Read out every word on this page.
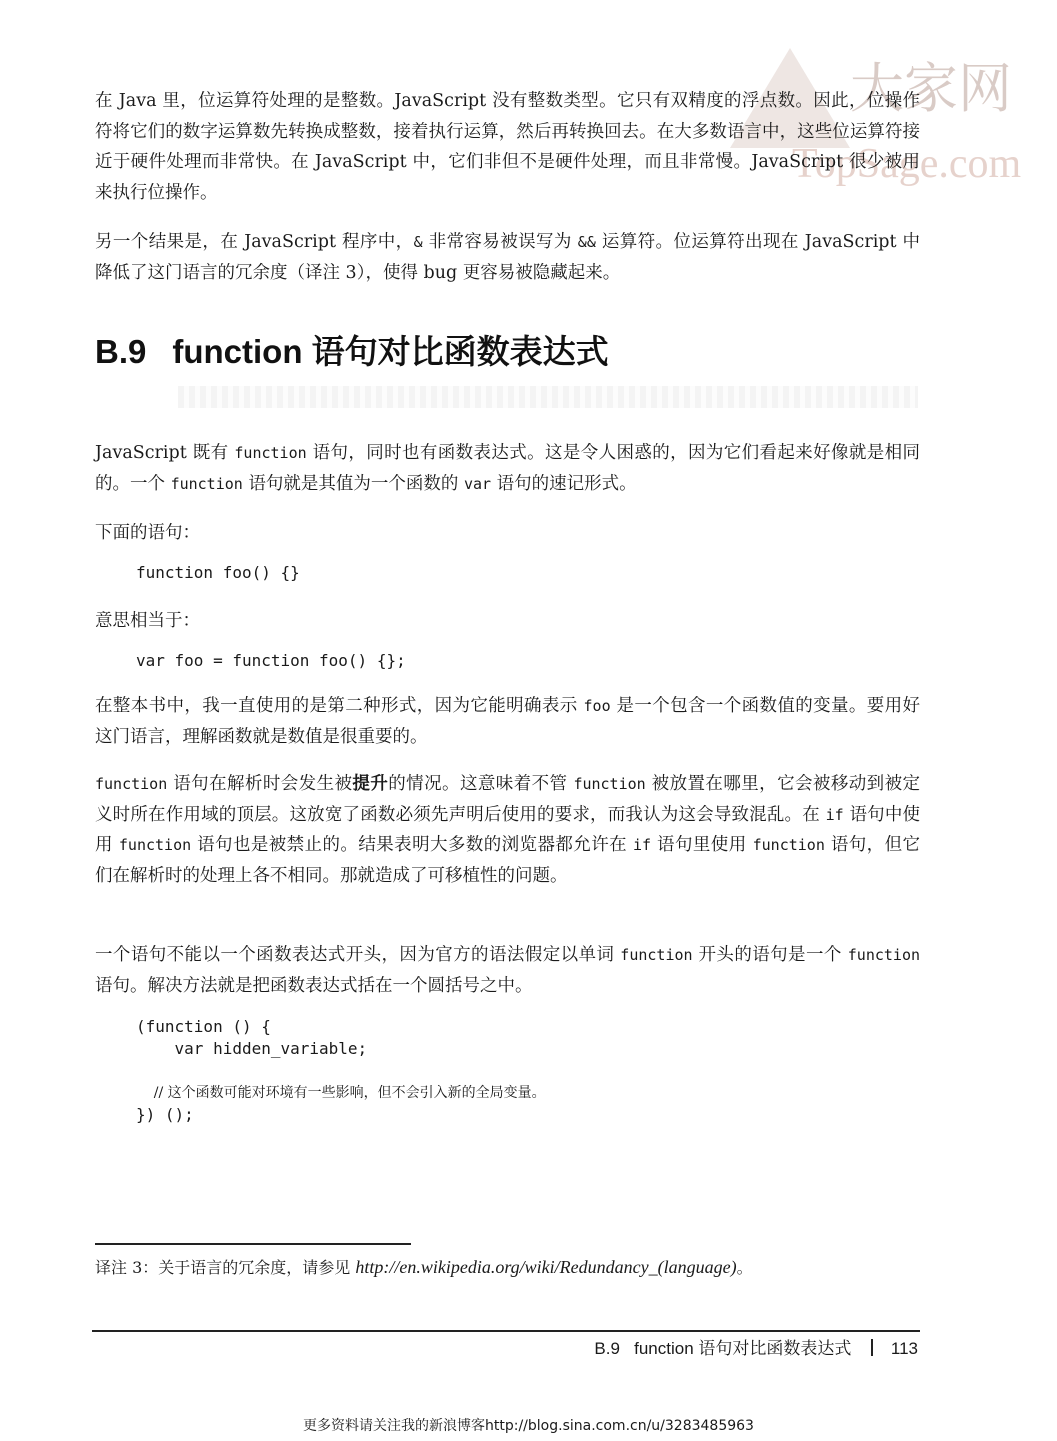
大家网
TopSage.com

在 Java 里，位运算符处理的是整数。JavaScript 没有整数类型。它只有双精度的浮点数。因此，位操作符将它们的数字运算数先转换成整数，接着执行运算，然后再转换回去。在大多数语言中，这些位运算符接近于硬件处理而非常快。在 JavaScript 中，它们非但不是硬件处理，而且非常慢。JavaScript 很少被用来执行位操作。

另一个结果是，在 JavaScript 程序中，& 非常容易被误写为 && 运算符。位运算符出现在 JavaScript 中降低了这门语言的冗余度（译注 3），使得 bug 更容易被隐藏起来。

B.9 function 语句对比函数表达式

JavaScript 既有 function 语句，同时也有函数表达式。这是令人困惑的，因为它们看起来好像就是相同的。一个 function 语句就是其值为一个函数的 var 语句的速记形式。

下面的语句：

function foo() {}

意思相当于：

var foo = function foo() {};

在整本书中，我一直使用的是第二种形式，因为它能明确表示 foo 是一个包含一个函数值的变量。要用好这门语言，理解函数就是数值是很重要的。

function 语句在解析时会发生被提升的情况。这意味着不管 function 被放置在哪里，它会被移动到被定义时所在作用域的顶层。这放宽了函数必须先声明后使用的要求，而我认为这会导致混乱。在 if 语句中使用 function 语句也是被禁止的。结果表明大多数的浏览器都允许在 if 语句里使用 function 语句，但它们在解析时的处理上各不相同。那就造成了可移植性的问题。

一个语句不能以一个函数表达式开头，因为官方的语法假定以单词 function 开头的语句是一个 function 语句。解决方法就是把函数表达式括在一个圆括号之中。

(function () {
var hidden_variable;
// 这个函数可能对环境有一些影响，但不会引入新的全局变量。
}) ();

译注 3：关于语言的冗余度，请参见 http://en.wikipedia.org/wiki/Redundancy_(language)。

B.9 function 语句对比函数表达式 113
更多资料请关注我的新浪博客http://blog.sina.com.cn/u/3283485963
